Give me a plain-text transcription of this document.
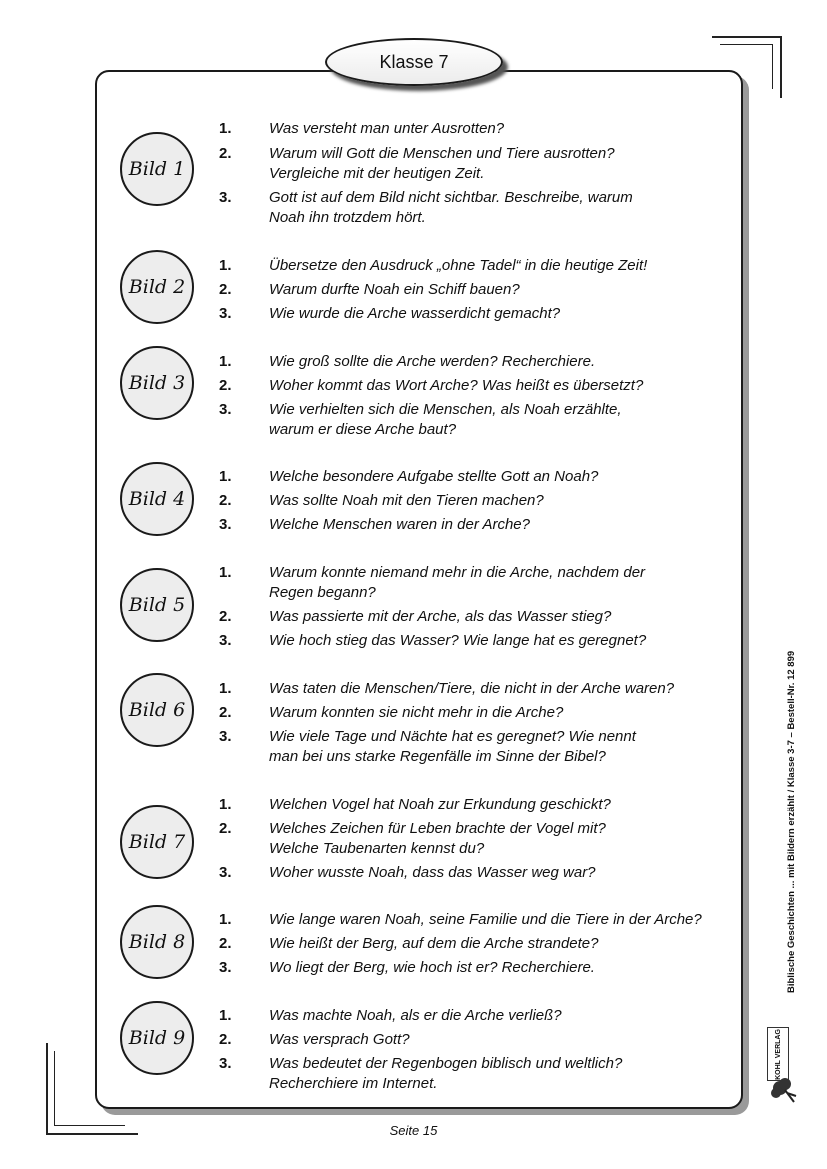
Klasse 7
Bild 1
1. Was versteht man unter Ausrotten?
2. Warum will Gott die Menschen und Tiere ausrotten?
Vergleiche mit der heutigen Zeit.
3. Gott ist auf dem Bild nicht sichtbar. Beschreibe, warum
Noah ihn trotzdem hört.
Bild 2
1. Übersetze den Ausdruck „ohne Tadel“ in die heutige Zeit!
2. Warum durfte Noah ein Schiff bauen?
3. Wie wurde die Arche wasserdicht gemacht?
Bild 3
1. Wie groß sollte die Arche werden? Recherchiere.
2. Woher kommt das Wort Arche? Was heißt es übersetzt?
3. Wie verhielten sich die Menschen, als Noah erzählte,
warum er diese Arche baut?
Bild 4
1. Welche besondere Aufgabe stellte Gott an Noah?
2. Was sollte Noah mit den Tieren machen?
3. Welche Menschen waren in der Arche?
Bild 5
1. Warum konnte niemand mehr in die Arche, nachdem der
Regen begann?
2. Was passierte mit der Arche, als das Wasser stieg?
3. Wie hoch stieg das Wasser? Wie lange hat es geregnet?
Bild 6
1. Was taten die Menschen/Tiere, die nicht in der Arche waren?
2. Warum konnten sie nicht mehr in die Arche?
3. Wie viele Tage und Nächte hat es geregnet? Wie nennt
man bei uns starke Regenfälle im Sinne der Bibel?
Bild 7
1. Welchen Vogel hat Noah zur Erkundung geschickt?
2. Welches Zeichen für Leben brachte der Vogel mit?
Welche Taubenarten kennst du?
3. Woher wusste Noah, dass das Wasser weg war?
Bild 8
1. Wie lange waren Noah, seine Familie und die Tiere in der Arche?
2. Wie heißt der Berg, auf dem die Arche strandete?
3. Wo liegt der Berg, wie hoch ist er? Recherchiere.
Bild 9
1. Was machte Noah, als er die Arche verließ?
2. Was versprach Gott?
3. Was bedeutet der Regenbogen biblisch und weltlich?
Recherchiere im Internet.
Seite 15
Biblische Geschichten ... mit Bildern erzählt / Klasse 3-7 – Bestell-Nr. 12 899
KOHL VERLAG
